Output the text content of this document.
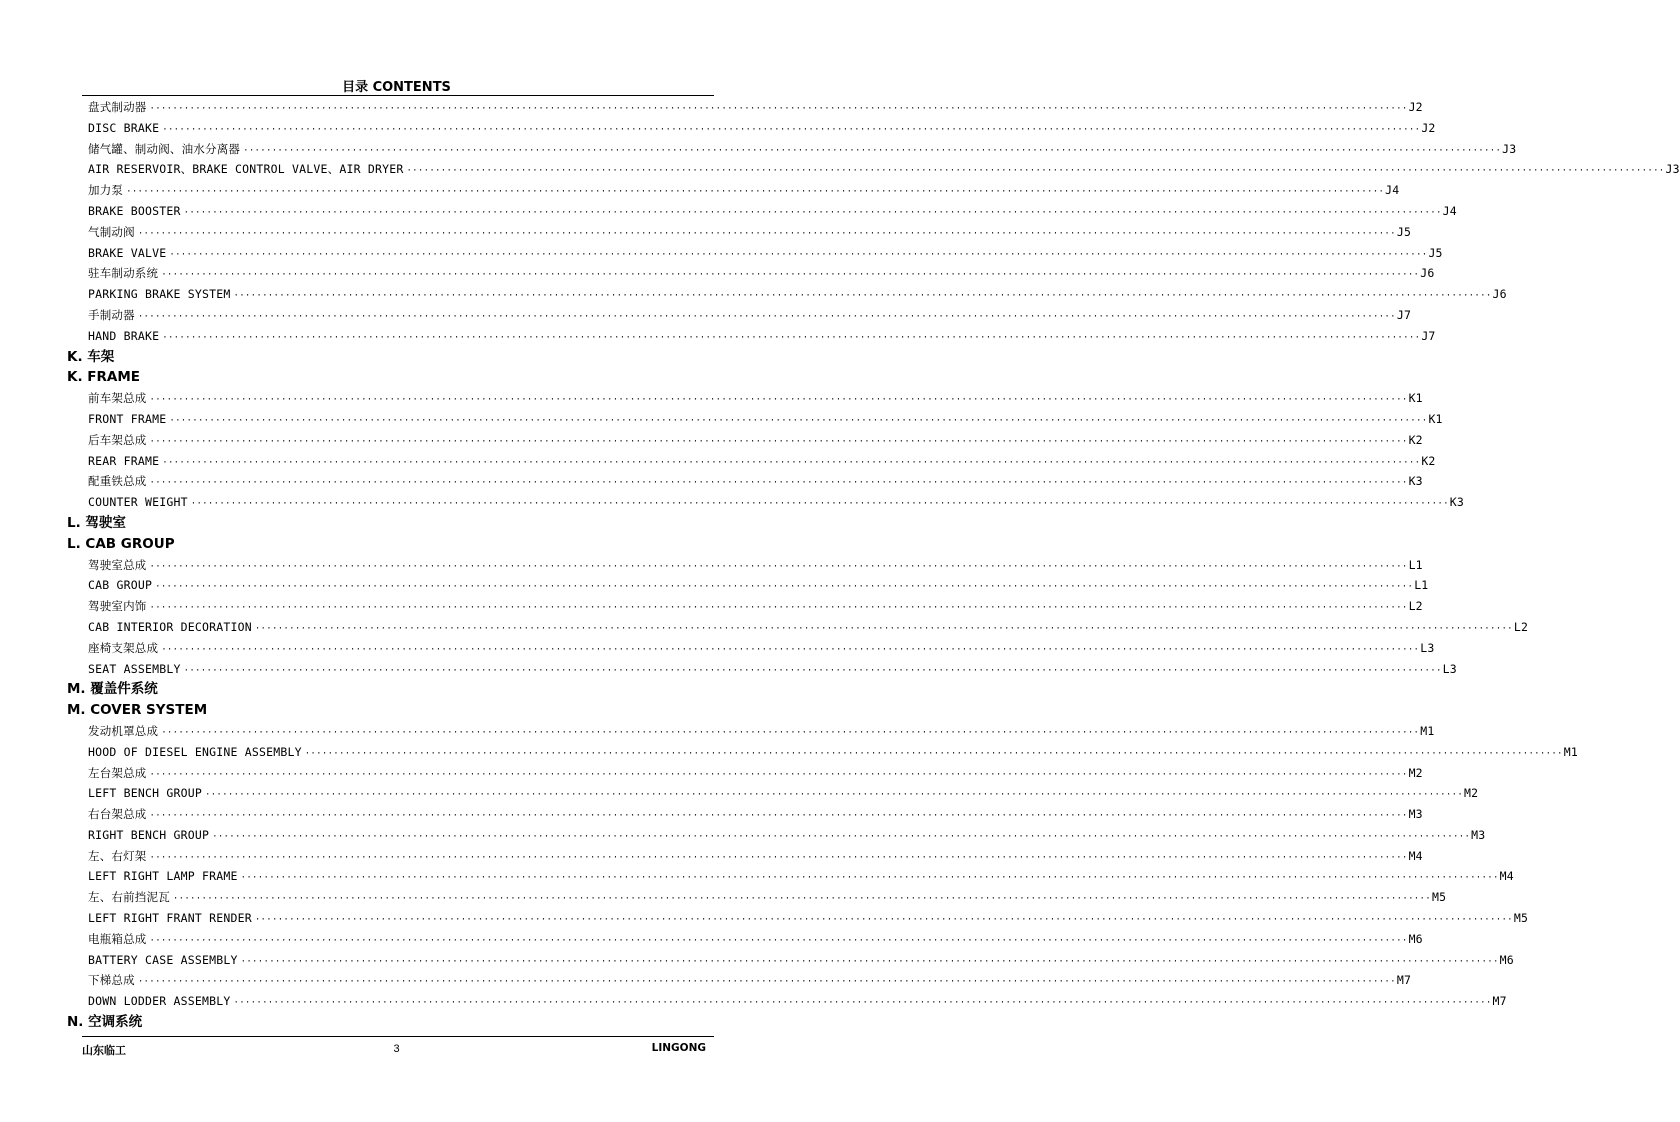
目录 CONTENTS
盘式制动器 ···························································································································································································································· J2
DISC BRAKE ···························································································································································································································· J2
储气罐、制动阀、油水分离器 ···························································································································································································································· J3
AIR RESERVOIR、BRAKE CONTROL VALVE、AIR DRYER ···························································································································································································································· J3
加力泵 ···························································································································································································································· J4
BRAKE BOOSTER ···························································································································································································································· J4
气制动阀 ···························································································································································································································· J5
BRAKE VALVE ···························································································································································································································· J5
驻车制动系统 ···························································································································································································································· J6
PARKING BRAKE SYSTEM ···························································································································································································································· J6
手制动器 ···························································································································································································································· J7
HAND BRAKE ···························································································································································································································· J7
K. 车架
K. FRAME
前车架总成 ···························································································································································································································· K1
FRONT FRAME ···························································································································································································································· K1
后车架总成 ···························································································································································································································· K2
REAR FRAME ···························································································································································································································· K2
配重铁总成 ···························································································································································································································· K3
COUNTER WEIGHT ···························································································································································································································· K3
L. 驾驶室
L. CAB GROUP
驾驶室总成 ···························································································································································································································· L1
CAB GROUP ···························································································································································································································· L1
驾驶室内饰 ···························································································································································································································· L2
CAB INTERIOR DECORATION ···························································································································································································································· L2
座椅支架总成 ···························································································································································································································· L3
SEAT ASSEMBLY ···························································································································································································································· L3
M. 覆盖件系统
M. COVER SYSTEM
发动机罩总成 ···························································································································································································································· M1
HOOD OF DIESEL ENGINE ASSEMBLY ···························································································································································································································· M1
左台架总成 ···························································································································································································································· M2
LEFT BENCH GROUP ···························································································································································································································· M2
右台架总成 ···························································································································································································································· M3
RIGHT BENCH GROUP ···························································································································································································································· M3
左、右灯架 ···························································································································································································································· M4
LEFT RIGHT LAMP FRAME ···························································································································································································································· M4
左、右前挡泥瓦 ···························································································································································································································· M5
LEFT RIGHT FRANT RENDER ···························································································································································································································· M5
电瓶箱总成 ···························································································································································································································· M6
BATTERY CASE ASSEMBLY ···························································································································································································································· M6
下梯总成 ···························································································································································································································· M7
DOWN LODDER ASSEMBLY ···························································································································································································································· M7
N. 空调系统
山东临工	3	LINGONG
